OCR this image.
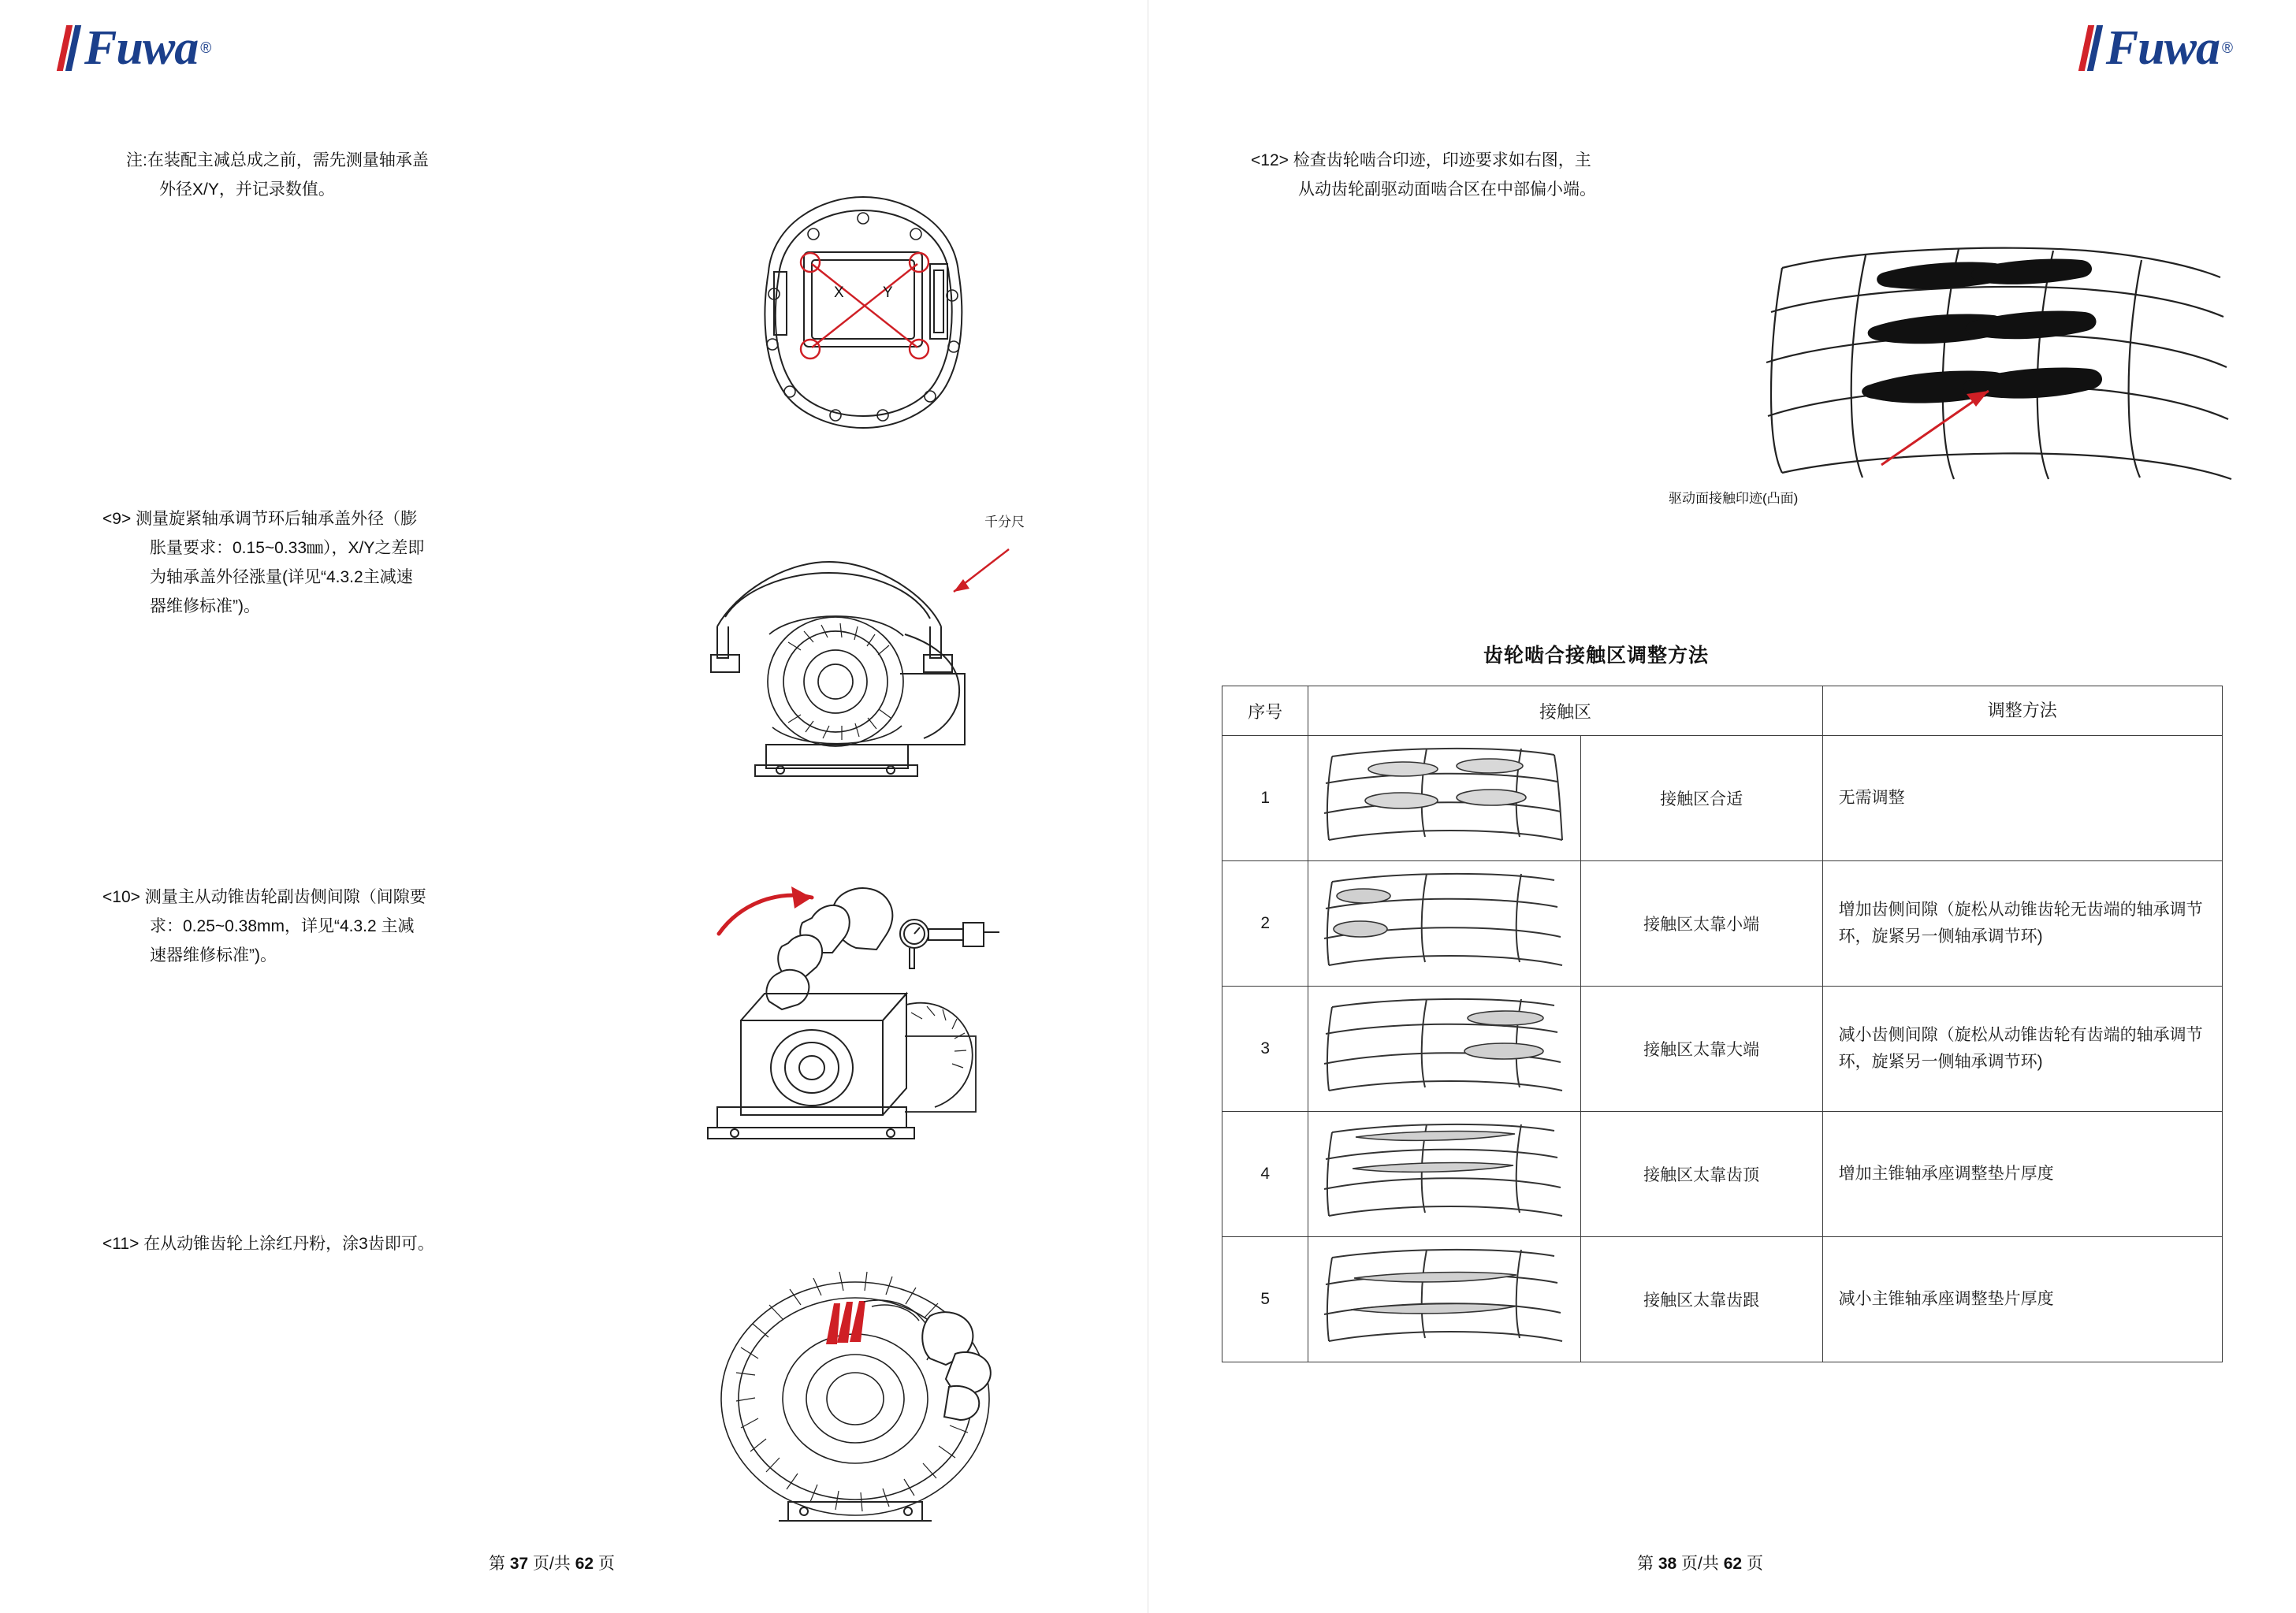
Fuwa ®
注:在装配主减总成之前，需先测量轴承盖
外径X/Y，并记录数值。
X	Y
<9> 测量旋紧轴承调节环后轴承盖外径（膨
胀量要求：0.15~0.33㎜），X/Y之差即
为轴承盖外径涨量(详见“4.3.2主减速
器维修标准”)。
千分尺
<10> 测量主从动锥齿轮副齿侧间隙（间隙要
求：0.25~0.38mm，详见“4.3.2 主减
速器维修标准”)。
<11> 在从动锥齿轮上涂红丹粉，涂3齿即可。
第 37 页/共 62 页
Fuwa ®
<12> 检查齿轮啮合印迹，印迹要求如右图，主
从动齿轮副驱动面啮合区在中部偏小端。
驱动面接触印迹(凸面)
齿轮啮合接触区调整方法
序号	接触区		调整方法
1		接触区合适	无需调整
2		接触区太靠小端	增加齿侧间隙（旋松从动锥齿轮无齿端的轴承调节环，旋紧另一侧轴承调节环)
3		接触区太靠大端	减小齿侧间隙（旋松从动锥齿轮有齿端的轴承调节环，旋紧另一侧轴承调节环)
4		接触区太靠齿顶	增加主锥轴承座调整垫片厚度
5		接触区太靠齿跟	减小主锥轴承座调整垫片厚度
第 38 页/共 62 页
